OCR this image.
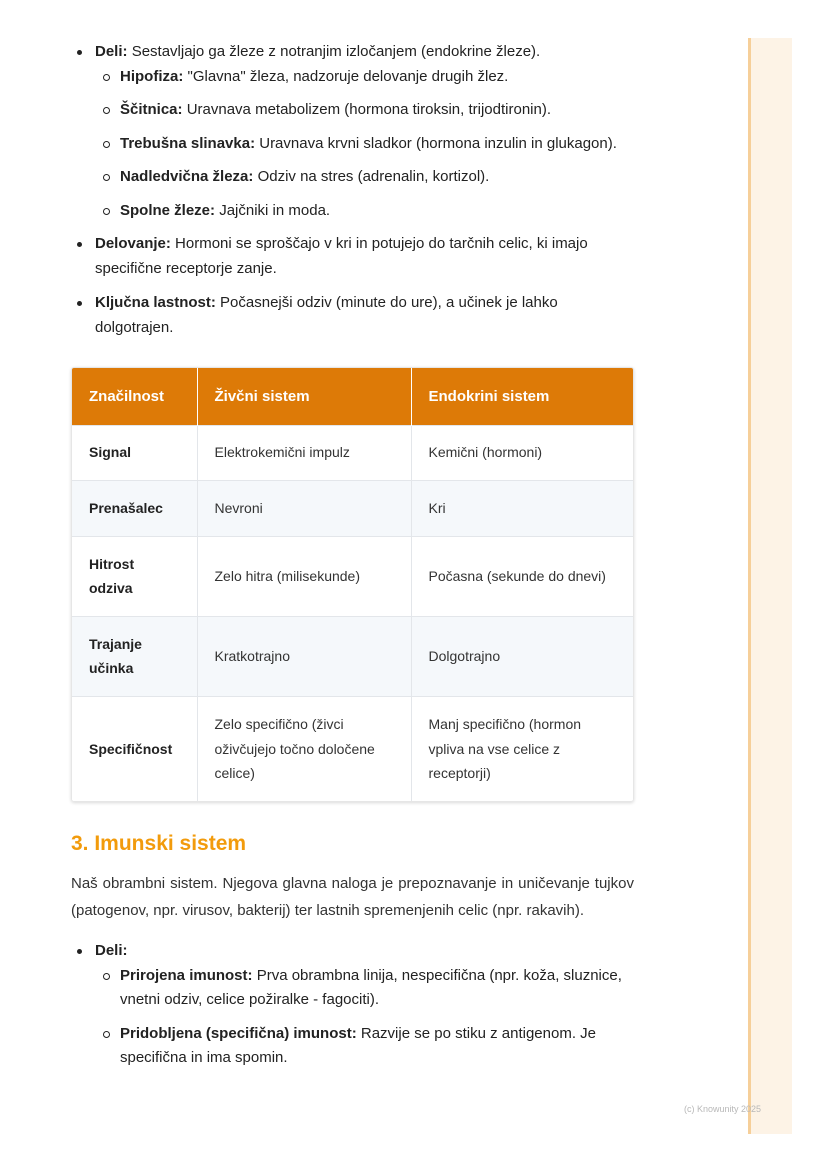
(c) Knowunity 2025
Deli: Sestavljajo ga žleze z notranjim izločanjem (endokrine žleze).
Hipofiza: "Glavna" žleza, nadzoruje delovanje drugih žlez.
Ščitnica: Uravnava metabolizem (hormona tiroksin, trijodtironin).
Trebušna slinavka: Uravnava krvni sladkor (hormona inzulin in glukagon).
Nadledvična žleza: Odziv na stres (adrenalin, kortizol).
Spolne žleze: Jajčniki in moda.
Delovanje: Hormoni se sproščajo v kri in potujejo do tarčnih celic, ki imajo specifične receptorje zanje.
Ključna lastnost: Počasnejši odziv (minute do ure), a učinek je lahko dolgotrajen.
Značilnost	Živčni sistem	Endokrini sistem
Signal	Elektrokemični impulz	Kemični (hormoni)
Prenašalec	Nevroni	Kri
Hitrost odziva	Zelo hitra (milisekunde)	Počasna (sekunde do dnevi)
Trajanje učinka	Kratkotrajno	Dolgotrajno
Specifičnost	Zelo specifično (živci oživčujejo točno določene celice)	Manj specifično (hormon vpliva na vse celice z receptorji)
3. Imunski sistem

Naš obrambni sistem. Njegova glavna naloga je prepoznavanje in uničevanje tujkov (patogenov, npr. virusov, bakterij) ter lastnih spremenjenih celic (npr. rakavih).

Deli:
Prirojena imunost: Prva obrambna linija, nespecifična (npr. koža, sluznice, vnetni odziv, celice požiralke - fagociti).
Pridobljena (specifična) imunost: Razvije se po stiku z antigenom. Je specifična in ima spomin.
